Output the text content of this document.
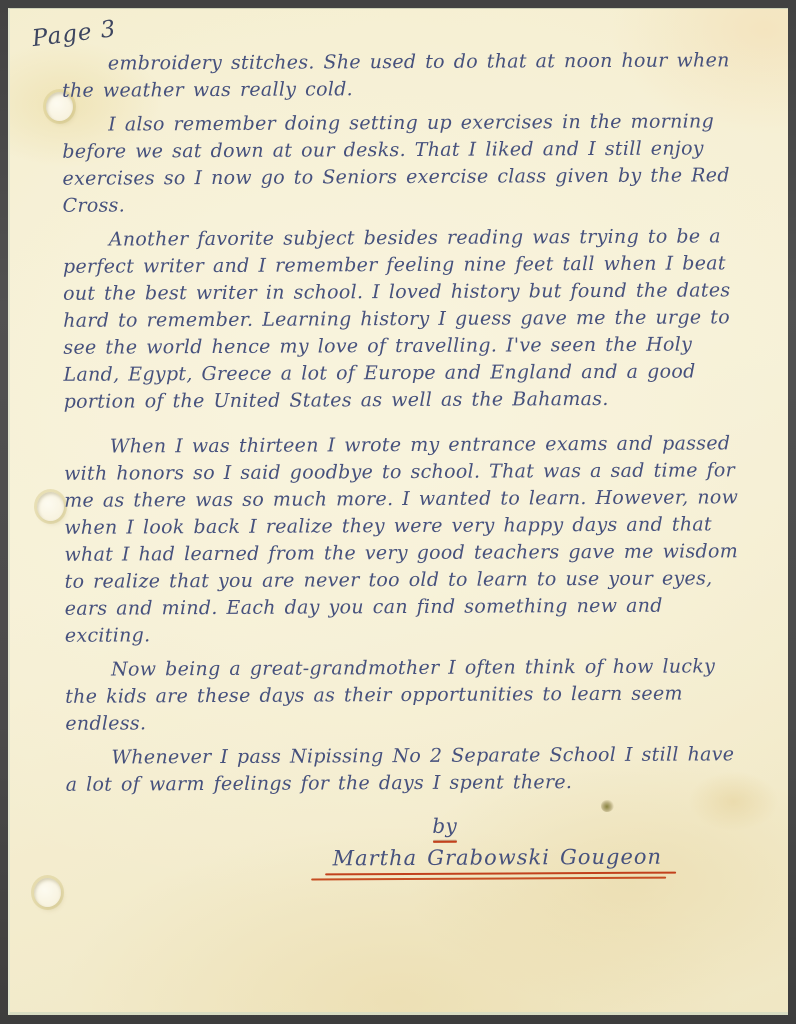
Page 3

embroidery stitches. She used to do that at noon hour when the weather was really cold.

I also remember doing setting up exercises in the morning before we sat down at our desks. That I liked and I still enjoy exercises so I now go to Seniors exercise class given by the Red Cross.

Another favorite subject besides reading was trying to be a perfect writer and I remember feeling nine feet tall when I beat out the best writer in school. I loved history but found the dates hard to remember. Learning history I guess gave me the urge to see the world hence my love of travelling. I've seen the Holy Land, Egypt, Greece a lot of Europe and England and a good portion of the United States as well as the Bahamas.

When I was thirteen I wrote my entrance exams and passed with honors so I said goodbye to school. That was a sad time for me as there was so much more. I wanted to learn. However, now when I look back I realize they were very happy days and that what I had learned from the very good teachers gave me wisdom to realize that you are never too old to learn to use your eyes, ears and mind. Each day you can find something new and exciting.

Now being a great-grandmother I often think of how lucky the kids are these days as their opportunities to learn seem endless.

Whenever I pass Nipissing No 2 Separate School I still have a lot of warm feelings for the days I spent there.

by
Martha Grabowski Gougeon
